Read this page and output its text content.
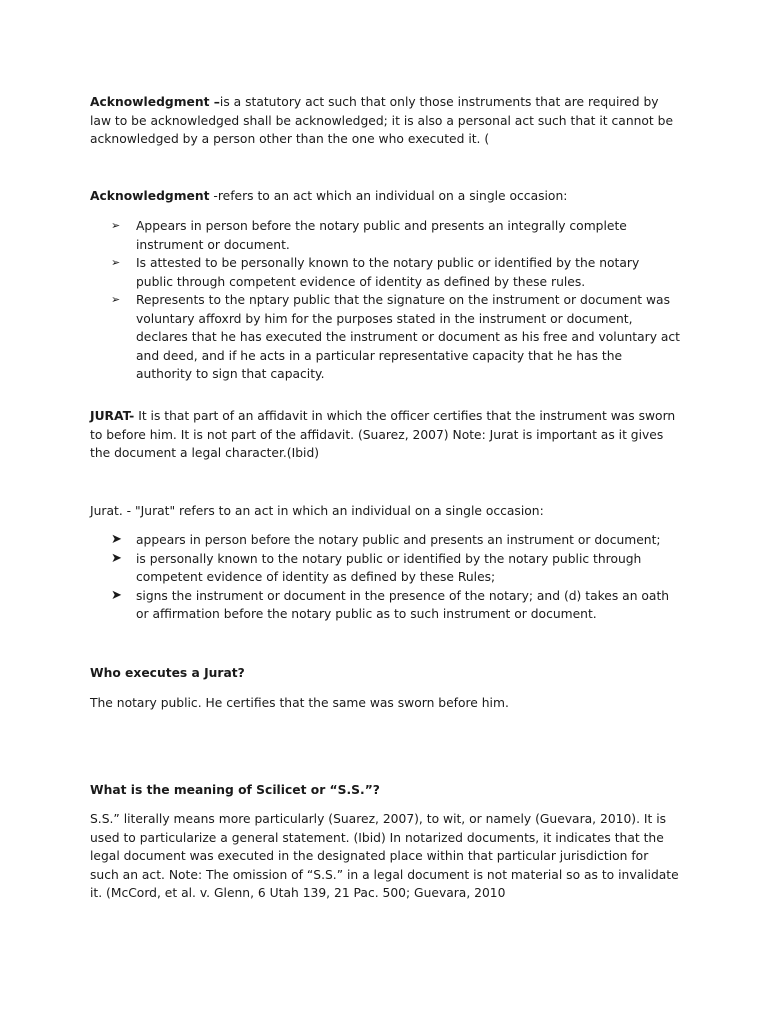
Acknowledgment –is a statutory act such that only those instruments that are required by law to be acknowledged shall be acknowledged; it is also a personal act such that it cannot be acknowledged by a person other than the one who executed it. (

Acknowledgment -refers to an act which an individual on a single occasion:

➢ Appears in person before the notary public and presents an integrally complete instrument or document.
➢ Is attested to be personally known to the notary public or identified by the notary public through competent evidence of identity as defined by these rules.
➢ Represents to the nptary public that the signature on the instrument or document was voluntary affoxrd by him for the purposes stated in the instrument or document, declares that he has executed the instrument or document as his free and voluntary act and deed, and if he acts in a particular representative capacity that he has the authority to sign that capacity.

JURAT- It is that part of an affidavit in which the officer certifies that the instrument was sworn to before him. It is not part of the affidavit. (Suarez, 2007) Note: Jurat is important as it gives the document a legal character.(Ibid)

Jurat. - "Jurat" refers to an act in which an individual on a single occasion:

➤ appears in person before the notary public and presents an instrument or document;
➤ is personally known to the notary public or identified by the notary public through competent evidence of identity as defined by these Rules;
➤ signs the instrument or document in the presence of the notary; and (d) takes an oath or affirmation before the notary public as to such instrument or document.

Who executes a Jurat?

The notary public. He certifies that the same was sworn before him.

What is the meaning of Scilicet or “S.S.”?

S.S.” literally means more particularly (Suarez, 2007), to wit, or namely (Guevara, 2010). It is used to particularize a general statement. (Ibid) In notarized documents, it indicates that the legal document was executed in the designated place within that particular jurisdiction for such an act. Note: The omission of “S.S.” in a legal document is not material so as to invalidate it. (McCord, et al. v. Glenn, 6 Utah 139, 21 Pac. 500; Guevara, 2010
